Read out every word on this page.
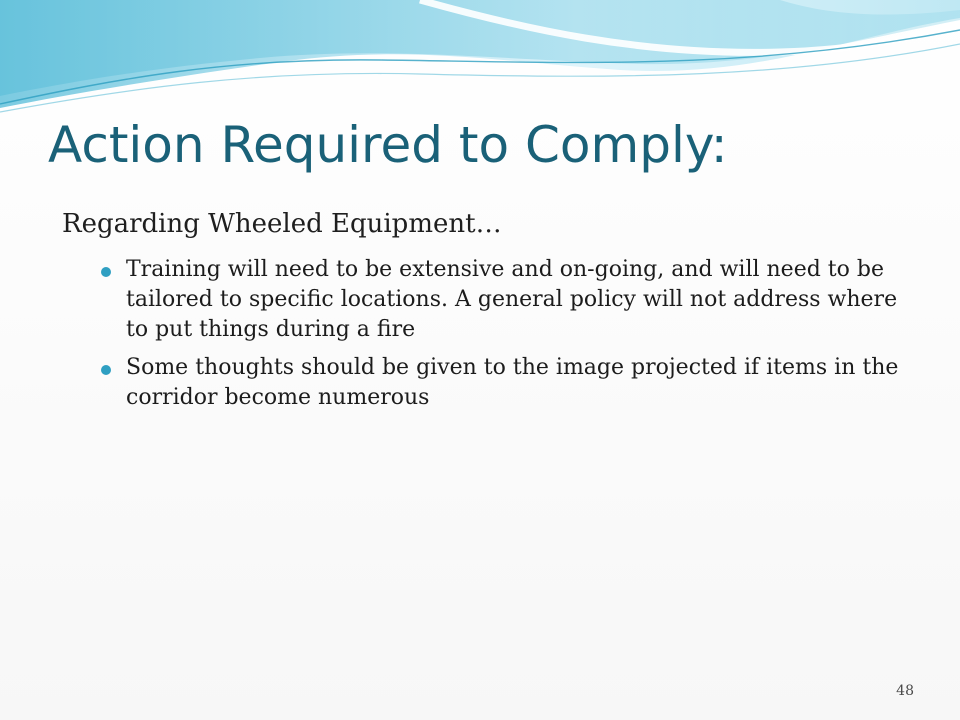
Action Required to Comply:
Regarding Wheeled Equipment…
Training will need to be extensive and on-going, and will need to be tailored to specific locations. A general policy will not address where to put things during a fire
Some thoughts should be given to the image projected if items in the corridor become numerous
48
